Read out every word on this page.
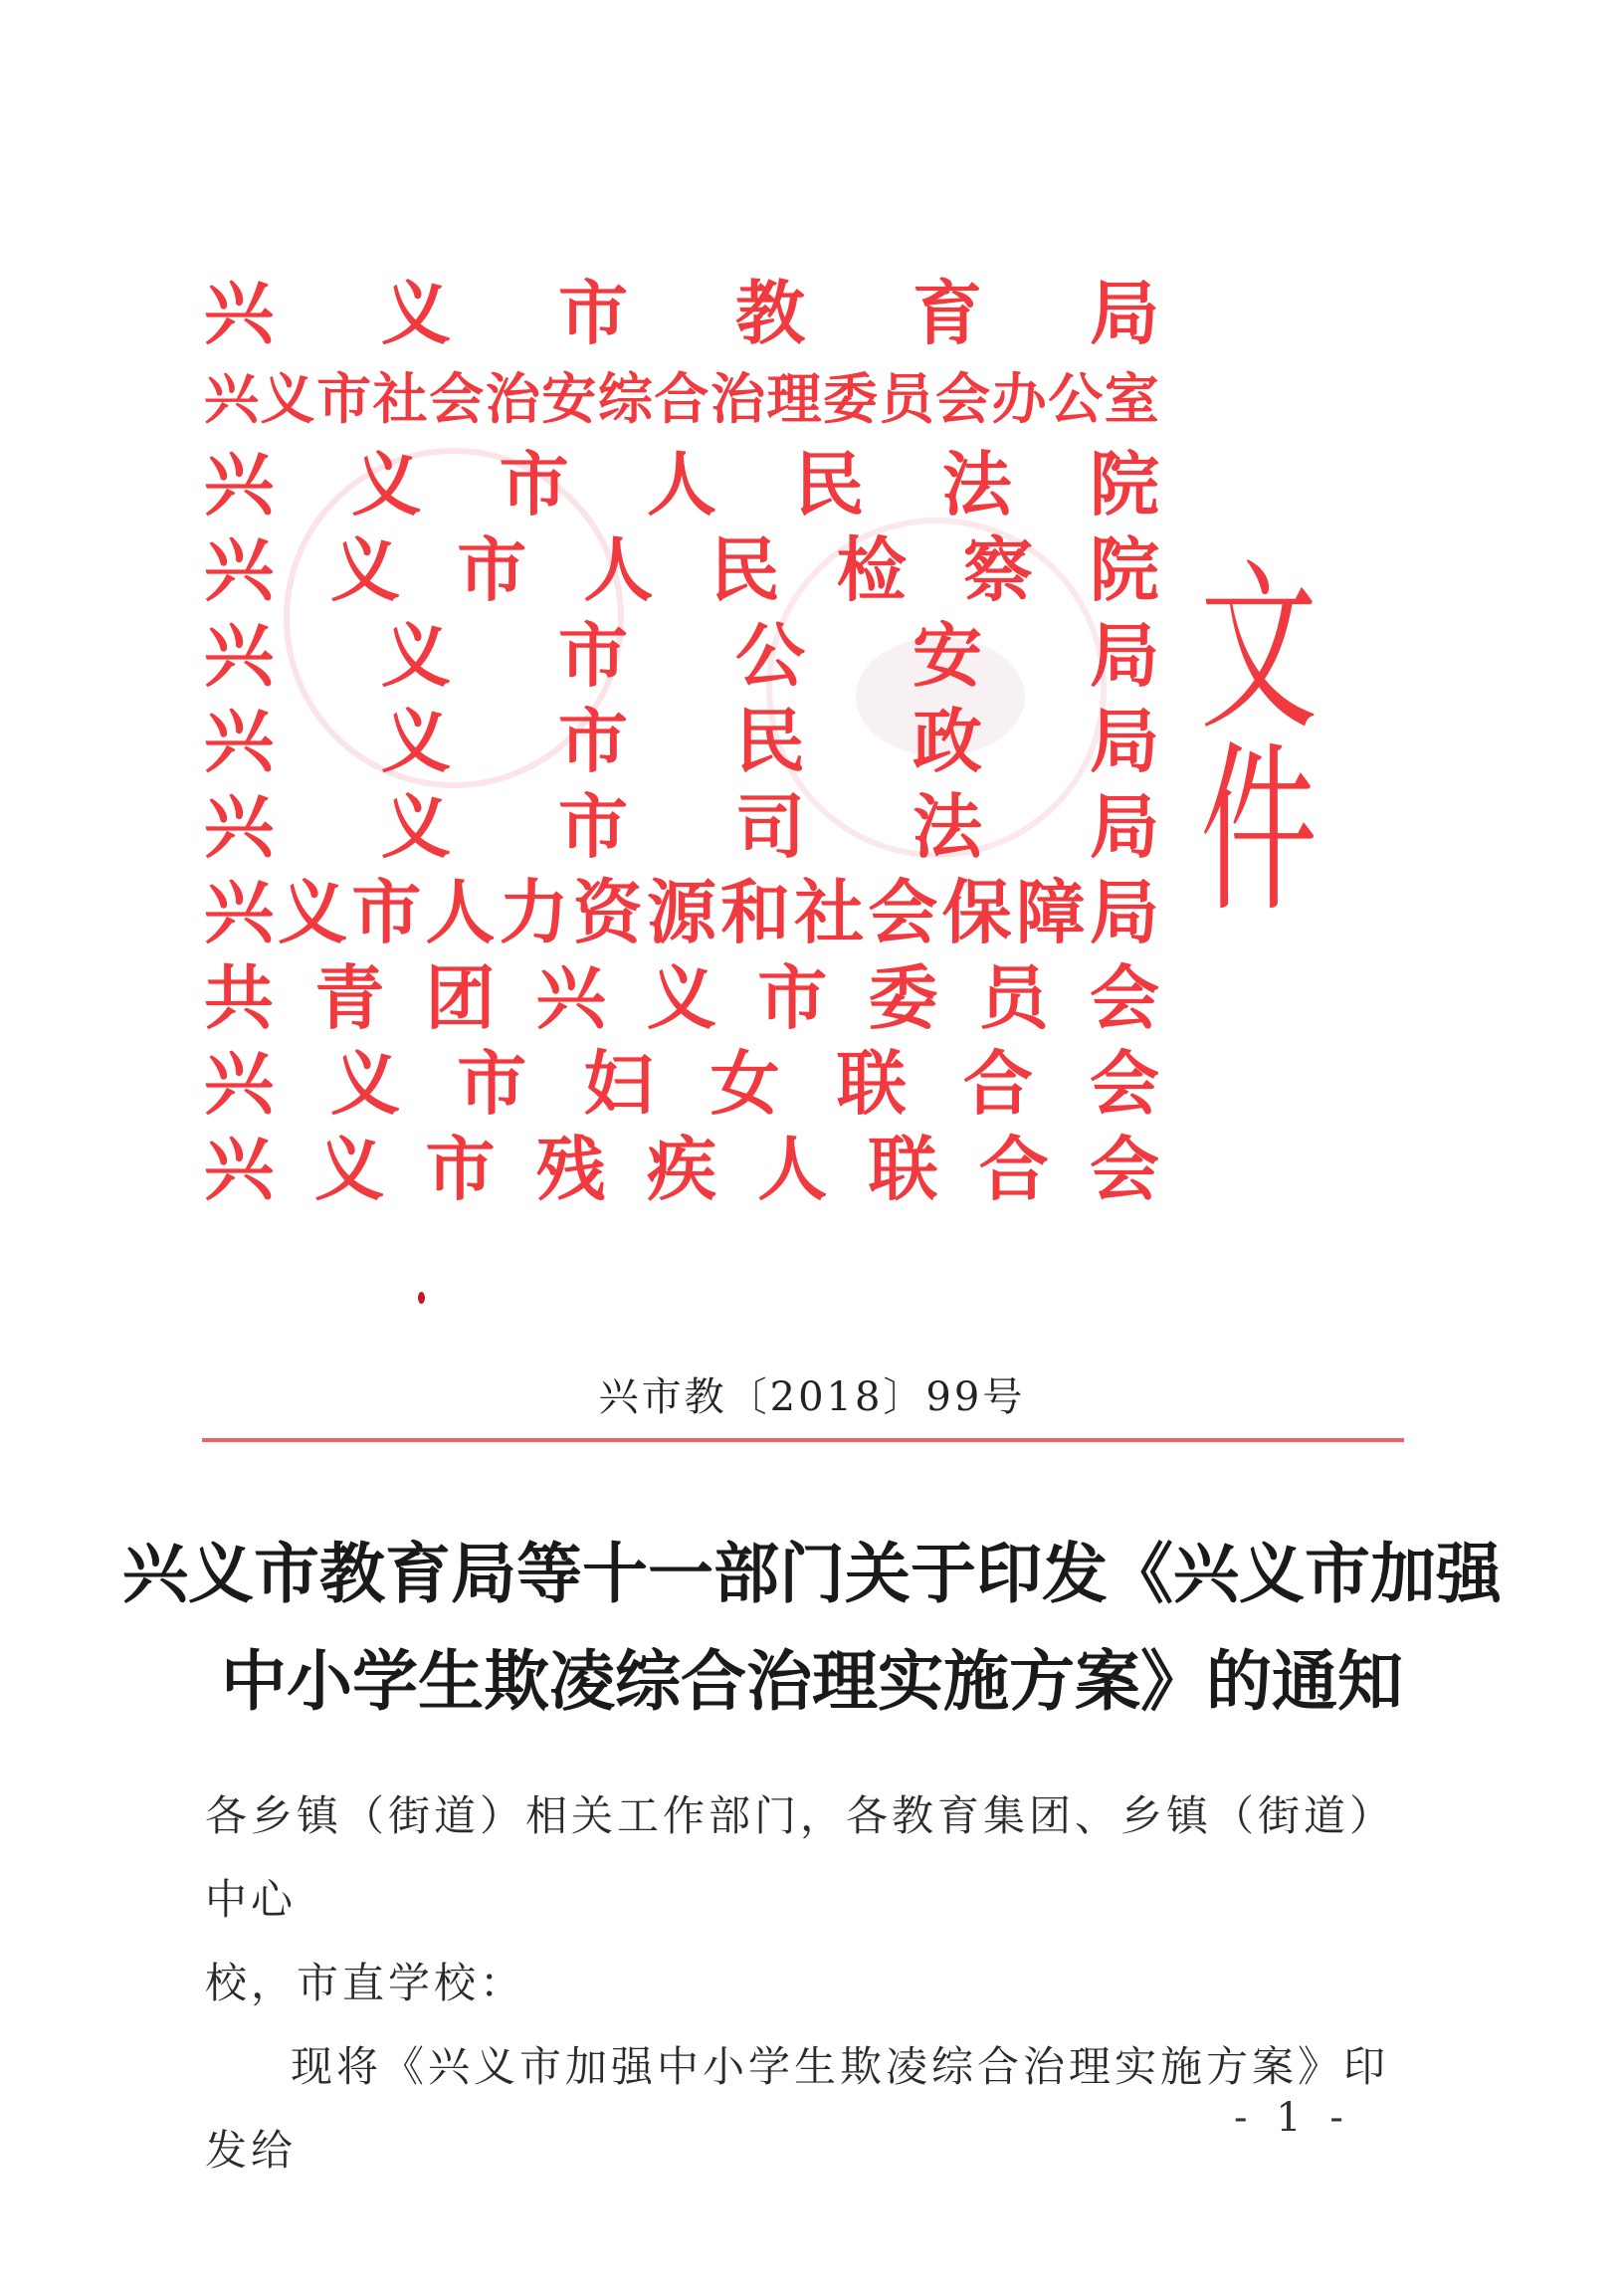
兴 义 市 教 育 局
兴 义 市 社 会 治 安 综 合 治 理 委 员 会 办 公 室
兴 义 市 人 民 法 院
兴 义 市 人 民 检 察 院
兴 义 市 公 安 局
兴 义 市 民 政 局
兴 义 市 司 法 局
兴 义 市 人 力 资 源 和 社 会 保 障 局
共 青 团 兴 义 市 委 员 会
兴 义 市 妇 女 联 合 会
兴 义 市 残 疾 人 联 合 会
文件
兴市教〔2018〕99号
兴义市教育局等十一部门关于印发《兴义市加强
中小学生欺凌综合治理实施方案》的通知

各乡镇（街道）相关工作部门，各教育集团、乡镇（街道）中心

校，市直学校：

现将《兴义市加强中小学生欺凌综合治理实施方案》印发给

- 1 -
